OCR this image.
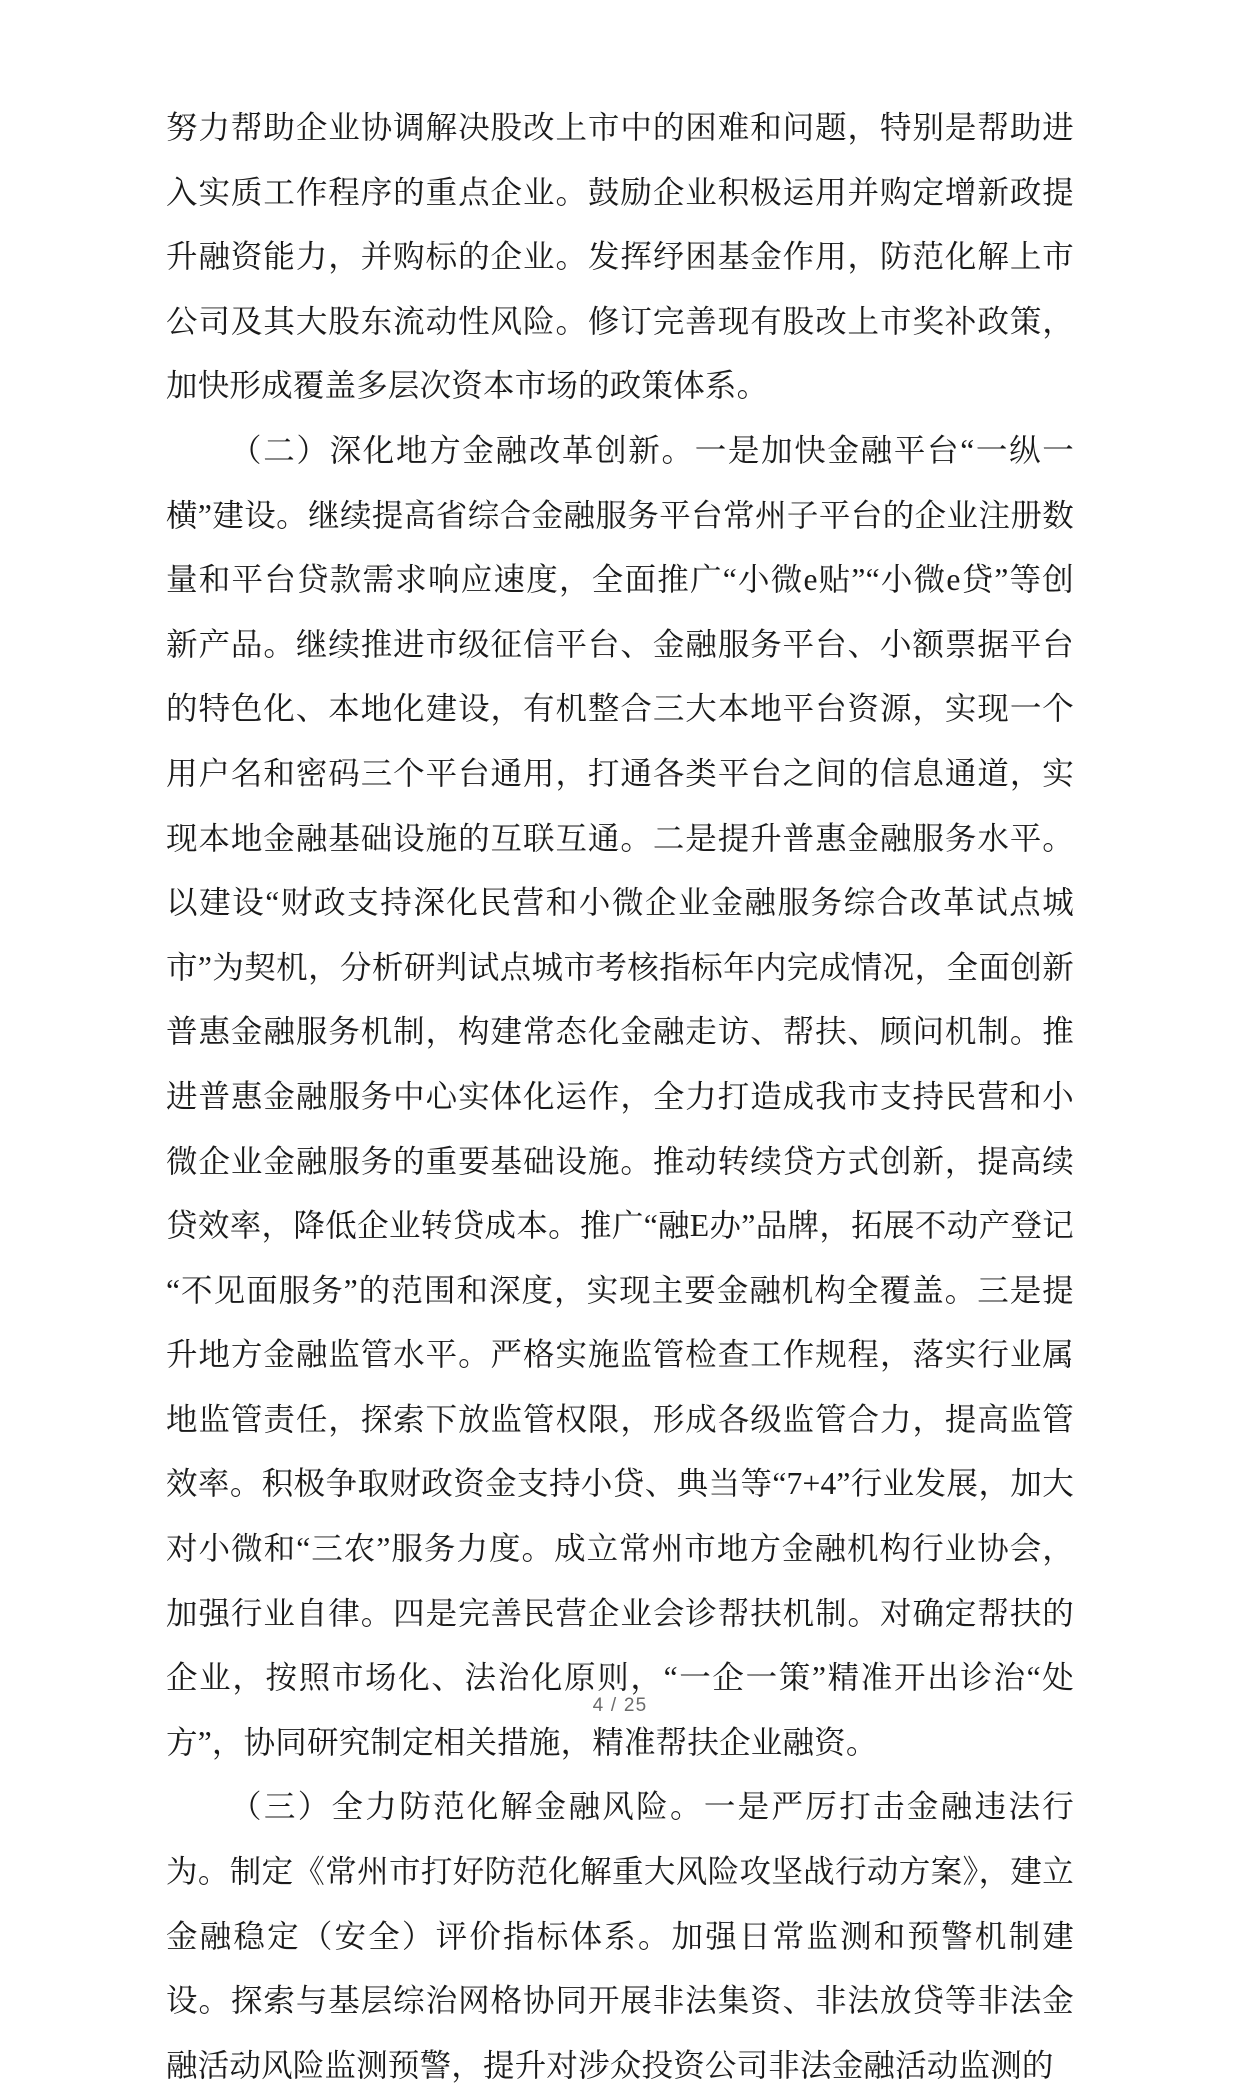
努力帮助企业协调解决股改上市中的困难和问题，特别是帮助进入实质工作程序的重点企业。鼓励企业积极运用并购定增新政提升融资能力，并购标的企业。发挥纾困基金作用，防范化解上市公司及其大股东流动性风险。修订完善现有股改上市奖补政策，加快形成覆盖多层次资本市场的政策体系。

（二）深化地方金融改革创新。一是加快金融平台“一纵一横”建设。继续提高省综合金融服务平台常州子平台的企业注册数量和平台贷款需求响应速度，全面推广“小微e贴”“小微e贷”等创新产品。继续推进市级征信平台、金融服务平台、小额票据平台的特色化、本地化建设，有机整合三大本地平台资源，实现一个用户名和密码三个平台通用，打通各类平台之间的信息通道，实现本地金融基础设施的互联互通。二是提升普惠金融服务水平。以建设“财政支持深化民营和小微企业金融服务综合改革试点城市”为契机，分析研判试点城市考核指标年内完成情况，全面创新普惠金融服务机制，构建常态化金融走访、帮扶、顾问机制。推进普惠金融服务中心实体化运作，全力打造成我市支持民营和小微企业金融服务的重要基础设施。推动转续贷方式创新，提高续贷效率，降低企业转贷成本。推广“融E办”品牌，拓展不动产登记“不见面服务”的范围和深度，实现主要金融机构全覆盖。三是提升地方金融监管水平。严格实施监管检查工作规程，落实行业属地监管责任，探索下放监管权限，形成各级监管合力，提高监管效率。积极争取财政资金支持小贷、典当等“7+4”行业发展，加大对小微和“三农”服务力度。成立常州市地方金融机构行业协会，加强行业自律。四是完善民营企业会诊帮扶机制。对确定帮扶的企业，按照市场化、法治化原则，“一企一策”精准开出诊治“处方”，协同研究制定相关措施，精准帮扶企业融资。

（三）全力防范化解金融风险。一是严厉打击金融违法行为。制定《常州市打好防范化解重大风险攻坚战行动方案》，建立金融稳定（安全）评价指标体系。加强日常监测和预警机制建设。探索与基层综治网格协同开展非法集资、非法放贷等非法金融活动风险监测预警，提升对涉众投资公司非法金融活动监测的

4 / 25
